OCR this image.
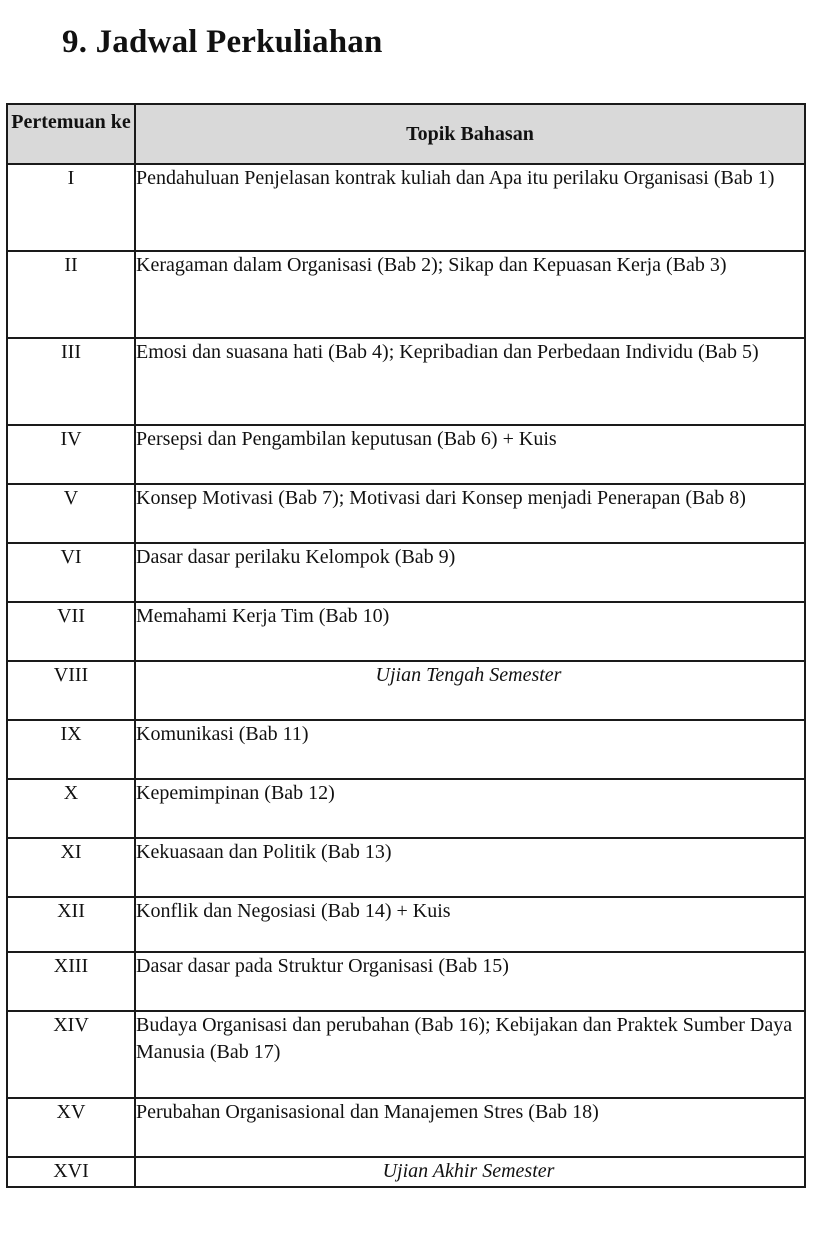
9. Jadwal Perkuliahan
Pertemuan ke	Topik Bahasan
I	Pendahuluan Penjelasan kontrak kuliah dan Apa itu perilaku Organisasi (Bab 1)
II	Keragaman dalam Organisasi (Bab 2); Sikap dan Kepuasan Kerja (Bab 3)
III	Emosi dan suasana hati (Bab 4); Kepribadian dan Perbedaan Individu (Bab 5)
IV	Persepsi dan Pengambilan keputusan (Bab 6) + Kuis
V	Konsep Motivasi (Bab 7); Motivasi dari Konsep menjadi Penerapan (Bab 8)
VI	Dasar dasar perilaku Kelompok (Bab 9)
VII	Memahami Kerja Tim (Bab 10)
VIII	Ujian Tengah Semester
IX	Komunikasi (Bab 11)
X	Kepemimpinan (Bab 12)
XI	Kekuasaan dan Politik (Bab 13)
XII	Konflik dan Negosiasi (Bab 14) + Kuis
XIII	Dasar dasar pada Struktur Organisasi (Bab 15)
XIV	Budaya Organisasi dan perubahan (Bab 16); Kebijakan dan Praktek Sumber Daya Manusia (Bab 17)
XV	Perubahan Organisasional dan Manajemen Stres (Bab 18)
XVI	Ujian Akhir Semester
